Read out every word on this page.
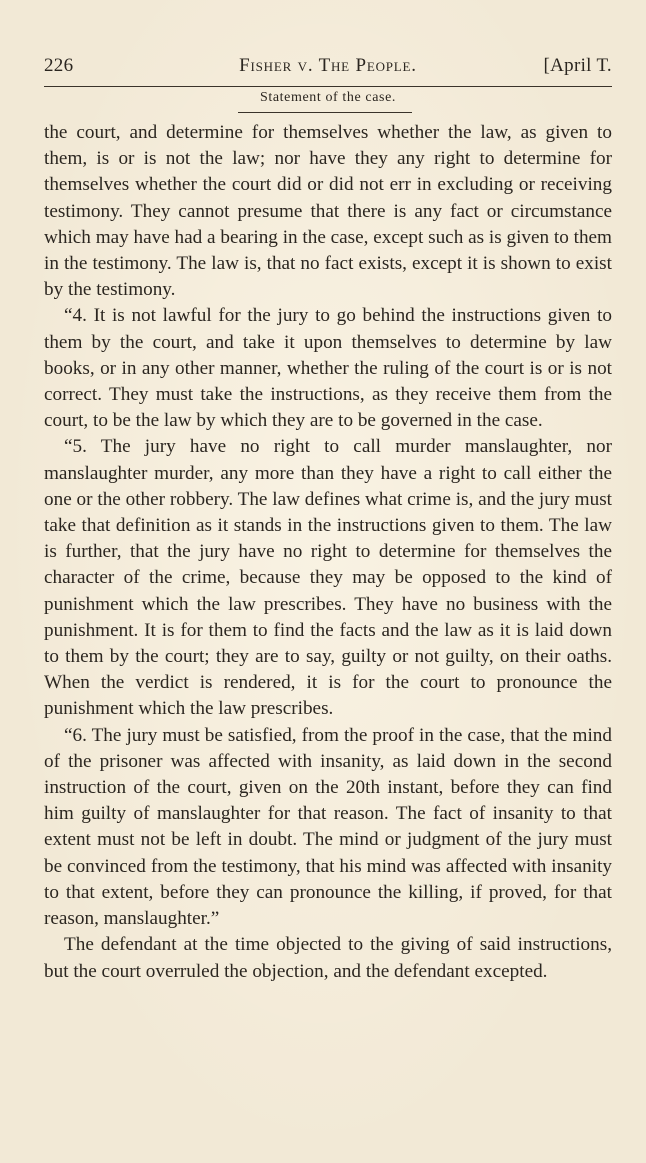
226	Fisher v. The People.	[April T.
Statement of the case.

the court, and determine for themselves whether the law, as given to them, is or is not the law; nor have they any right to determine for themselves whether the court did or did not err in excluding or receiving testimony. They cannot presume that there is any fact or circumstance which may have had a bearing in the case, except such as is given to them in the testimony. The law is, that no fact exists, except it is shown to exist by the testimony.

“4. It is not lawful for the jury to go behind the instructions given to them by the court, and take it upon themselves to determine by law books, or in any other manner, whether the ruling of the court is or is not correct. They must take the instructions, as they receive them from the court, to be the law by which they are to be governed in the case.

“5. The jury have no right to call murder manslaughter, nor manslaughter murder, any more than they have a right to call either the one or the other robbery. The law defines what crime is, and the jury must take that definition as it stands in the instructions given to them. The law is further, that the jury have no right to determine for themselves the character of the crime, because they may be opposed to the kind of punishment which the law prescribes. They have no business with the punishment. It is for them to find the facts and the law as it is laid down to them by the court; they are to say, guilty or not guilty, on their oaths. When the verdict is rendered, it is for the court to pronounce the punishment which the law prescribes.

“6. The jury must be satisfied, from the proof in the case, that the mind of the prisoner was affected with insanity, as laid down in the second instruction of the court, given on the 20th instant, before they can find him guilty of manslaughter for that reason. The fact of insanity to that extent must not be left in doubt. The mind or judgment of the jury must be convinced from the testimony, that his mind was affected with insanity to that extent, before they can pronounce the killing, if proved, for that reason, manslaughter.”

The defendant at the time objected to the giving of said instructions, but the court overruled the objection, and the defendant excepted.
